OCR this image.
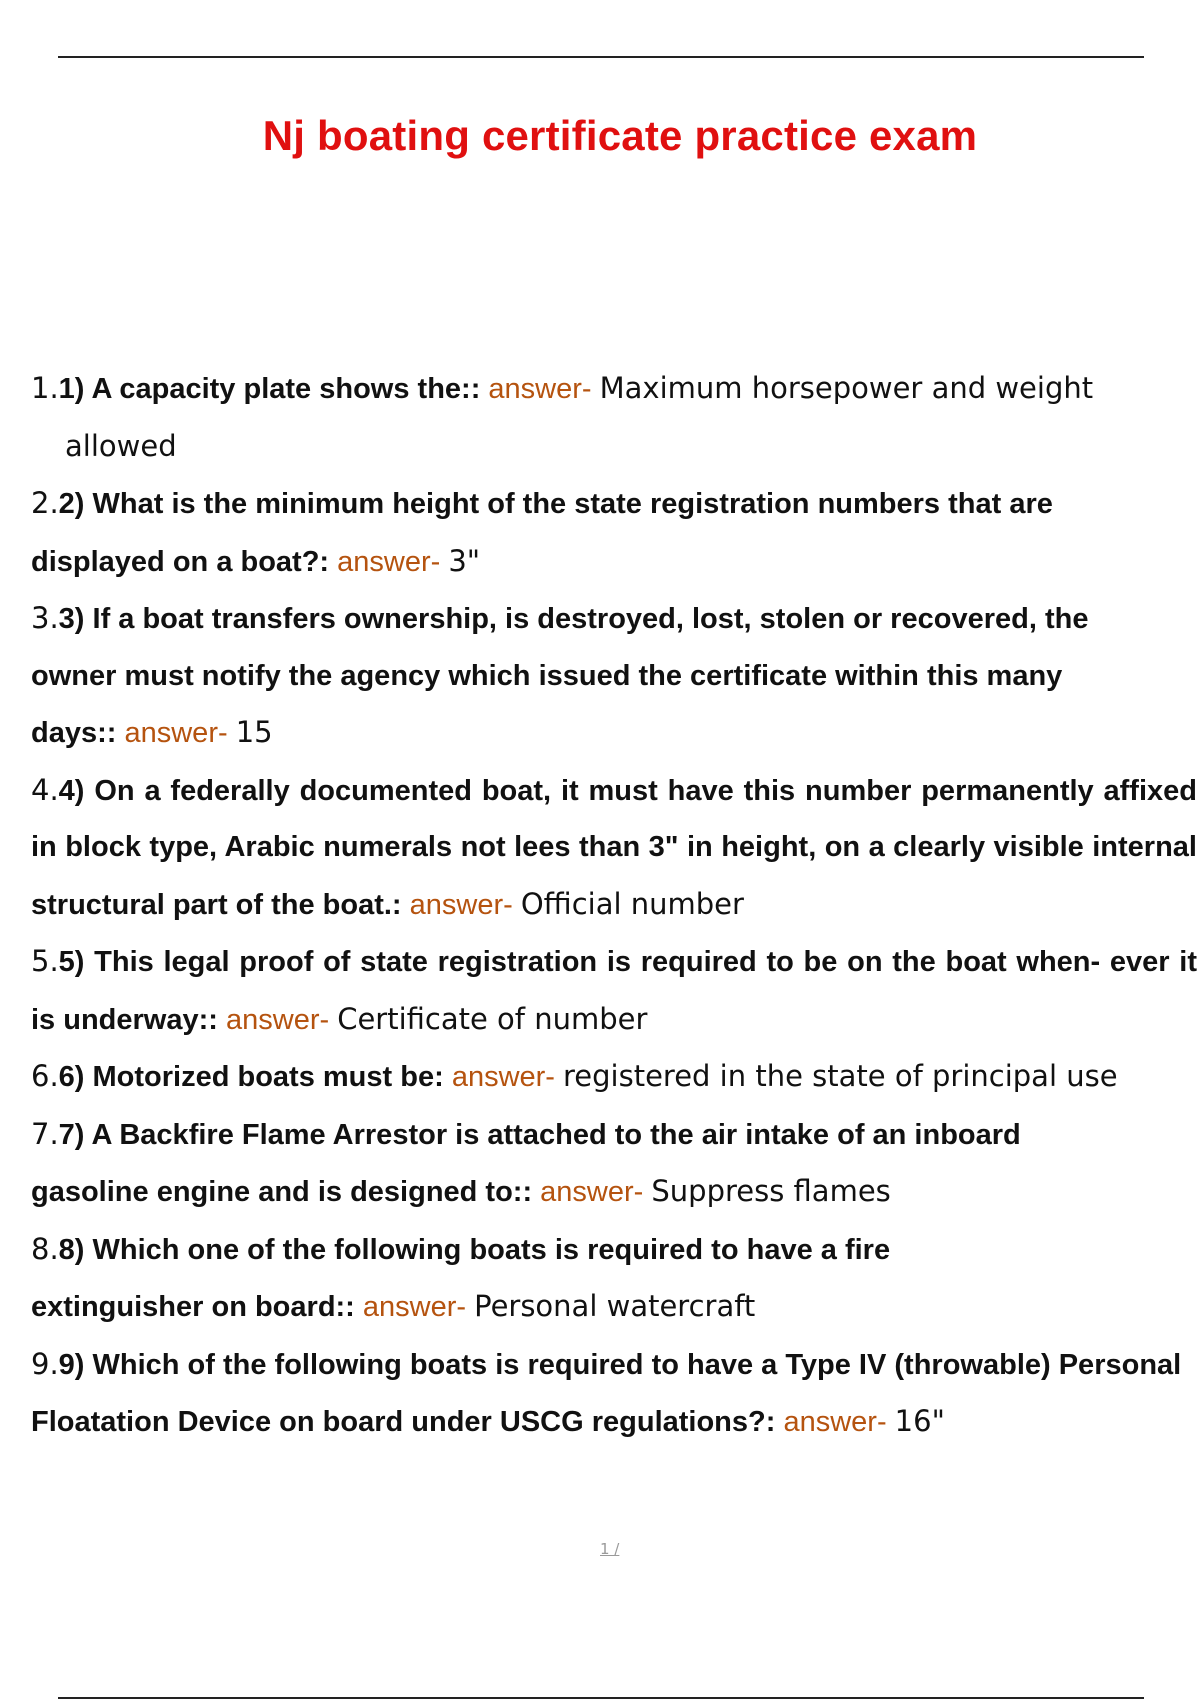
Nj boating certificate practice exam
1.1) A capacity plate shows the:: answer- Maximum horsepower and weight allowed
2.2) What is the minimum height of the state registration numbers that are displayed on a boat?: answer- 3"
3.3) If a boat transfers ownership, is destroyed, lost, stolen or recovered, the owner must notify the agency which issued the certificate within this many days:: answer- 15
4.4) On a federally documented boat, it must have this number permanently affixed in block type, Arabic numerals not lees than 3" in height, on a clearly visible internal structural part of the boat.: answer- Official number
5.5) This legal proof of state registration is required to be on the boat when- ever it is underway:: answer- Certificate of number
6.6) Motorized boats must be: answer- registered in the state of principal use
7.7) A Backfire Flame Arrestor is attached to the air intake of an inboard gasoline engine and is designed to:: answer- Suppress flames
8.8) Which one of the following boats is required to have a fire extinguisher on board:: answer- Personal watercraft
9.9) Which of the following boats is required to have a Type IV (throwable) Personal Floatation Device on board under USCG regulations?: answer- 16"
1 /
